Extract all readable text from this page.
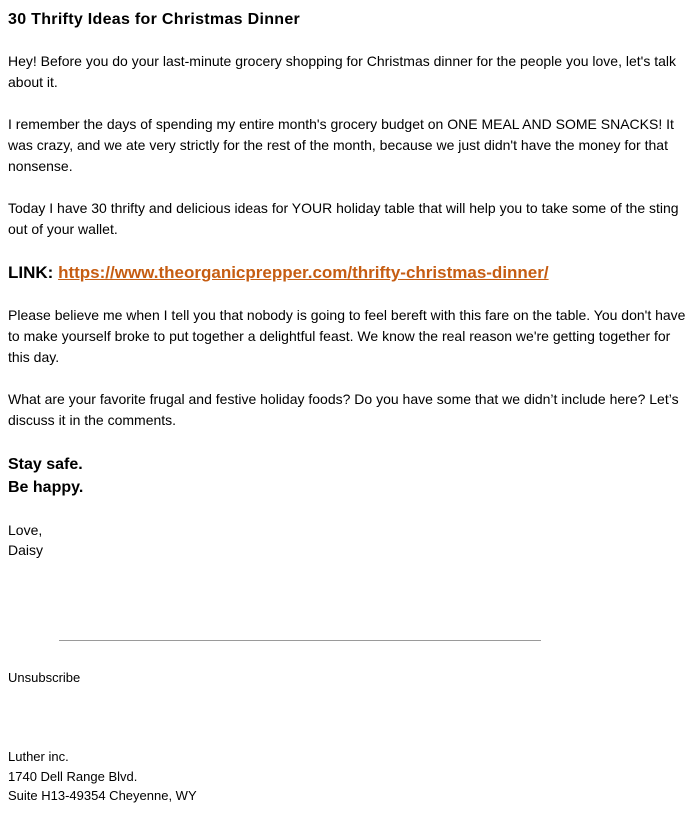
30 Thrifty Ideas for Christmas Dinner

Hey! Before you do your last-minute grocery shopping for Christmas dinner for the people you love, let's talk about it.

I remember the days of spending my entire month's grocery budget on ONE MEAL AND SOME SNACKS! It was crazy, and we ate very strictly for the rest of the month, because we just didn't have the money for that nonsense.

Today I have 30 thrifty and delicious ideas for YOUR holiday table that will help you to take some of the sting out of your wallet.

LINK: https://www.theorganicprepper.com/thrifty-christmas-dinner/

Please believe me when I tell you that nobody is going to feel bereft with this fare on the table. You don't have to make yourself broke to put together a delightful feast. We know the real reason we're getting together for this day.

What are your favorite frugal and festive holiday foods? Do you have some that we didn’t include here? Let’s discuss it in the comments.

Stay safe.

Be happy.

Love,

Daisy

Unsubscribe
Luther inc.
1740 Dell Range Blvd.
Suite H13-49354 Cheyenne, WY
